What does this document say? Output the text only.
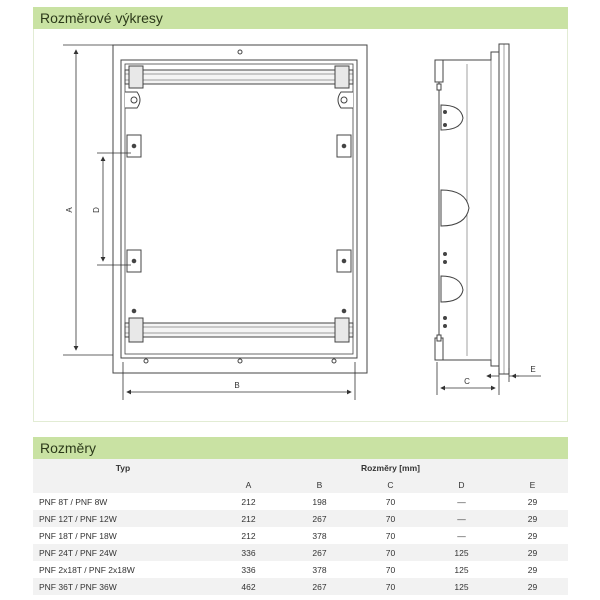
Rozměrové výkresy
A D
B	C
E
Rozměry
Typ	Rozměry [mm]				
	A	B	C	D	E
PNF 8T / PNF 8W	212	198	70	—	29
PNF 12T / PNF 12W	212	267	70	—	29
PNF 18T / PNF 18W	212	378	70	—	29
PNF 24T / PNF 24W	336	267	70	125	29
PNF 2x18T / PNF 2x18W	336	378	70	125	29
PNF 36T / PNF 36W	462	267	70	125	29
